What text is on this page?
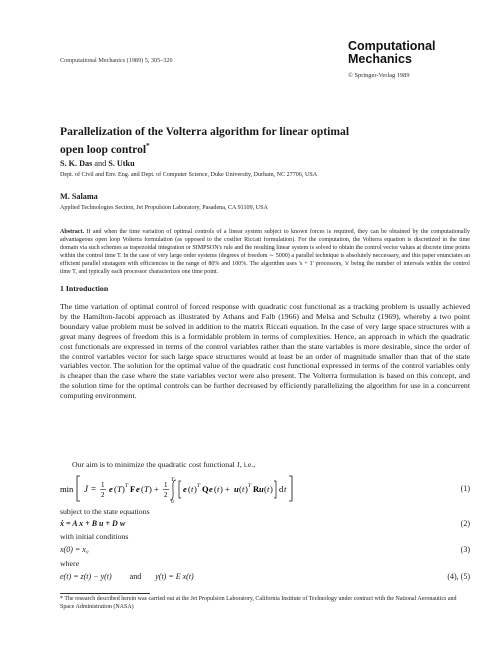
Computational Mechanics (1989) 5, 305–320
Computational
Mechanics
© Springer-Verlag 1989
Parallelization of the Volterra algorithm for linear optimal
open loop control*
S. K. Das and S. Utku
Dept. of Civil and Env. Eng. and Dept. of Computer Science, Duke University, Durham, NC 27706, USA
M. Salama
Applied Technologies Section, Jet Propulsion Laboratory, Pasadena, CA 91109, USA
Abstract. If and when the time variation of optimal controls of a linear system subject to known forces is required, they can be obtained by the computationally advantageous open loop Volterra formulation (as opposed to the costlier Riccati formulation). For the computation, the Volterra equation is discretized in the time domain via such schemes as trapezoidal integration or SIMPSON's rule and the resulting linear system is solved to obtain the control vector values at discrete time points within the control time T. In the case of very large order systems (degrees of freedom ∼ 5000) a parallel technique is absolutely neccessary, and this paper enunciates an efficient parallel stratagem with efficiencies in the range of 80% and 100%. The algorithm uses 's + 1' processors, 's' being the number of intervals within the control time T, and typically each processor characterizes one time point.
1 Introduction
The time variation of optimal control of forced response with quadratic cost functional as a tracking problem is usually achieved by the Hamilton-Jacobi approach as illustrated by Athans and Falb (1966) and Melsa and Schultz (1969), whereby a two point boundary value problem must be solved in addition to the matrix Riccati equation. In the case of very large space structures with a great many degrees of freedom this is a formidable problem in terms of complexities. Hence, an approach in which the quadratic cost functionals are expressed in terms of the control variables rather than the state variables is more desirable, since the order of the control variables vector for such large space structures would at least be an order of magnitude smaller than that of the state variables vector. The solution for the optimal value of the quadratic cost functional expressed in terms of the control variables only is cheaper than the case where the state variables vector were also present. The Volterra formulation is based on this concept, and the solution time for the optimal controls can be further decreased by efficiently parallelizing the algorithm for use in a concurrent computing environment.
Our aim is to minimize the quadratic cost functional J, i.e.,
min J = 1
2
e ( T ) T F e ( T ) + 1
2
T
0
e ( t ) T Q e ( t ) + u ( t ) T R u ( t ) d t	(1)
subject to the state equations
ẋ = A x + B u + D w	(2)
with initial conditions
x(0) = x₀	(3)
where
e(t) = z(t) − y(t) and y(t) = E x(t)	(4), (5)
* The research described herein was carried out at the Jet Propulsion Laboratory, California Institute of Technology under contract with the National Aeronautics and Space Administration (NASA)
